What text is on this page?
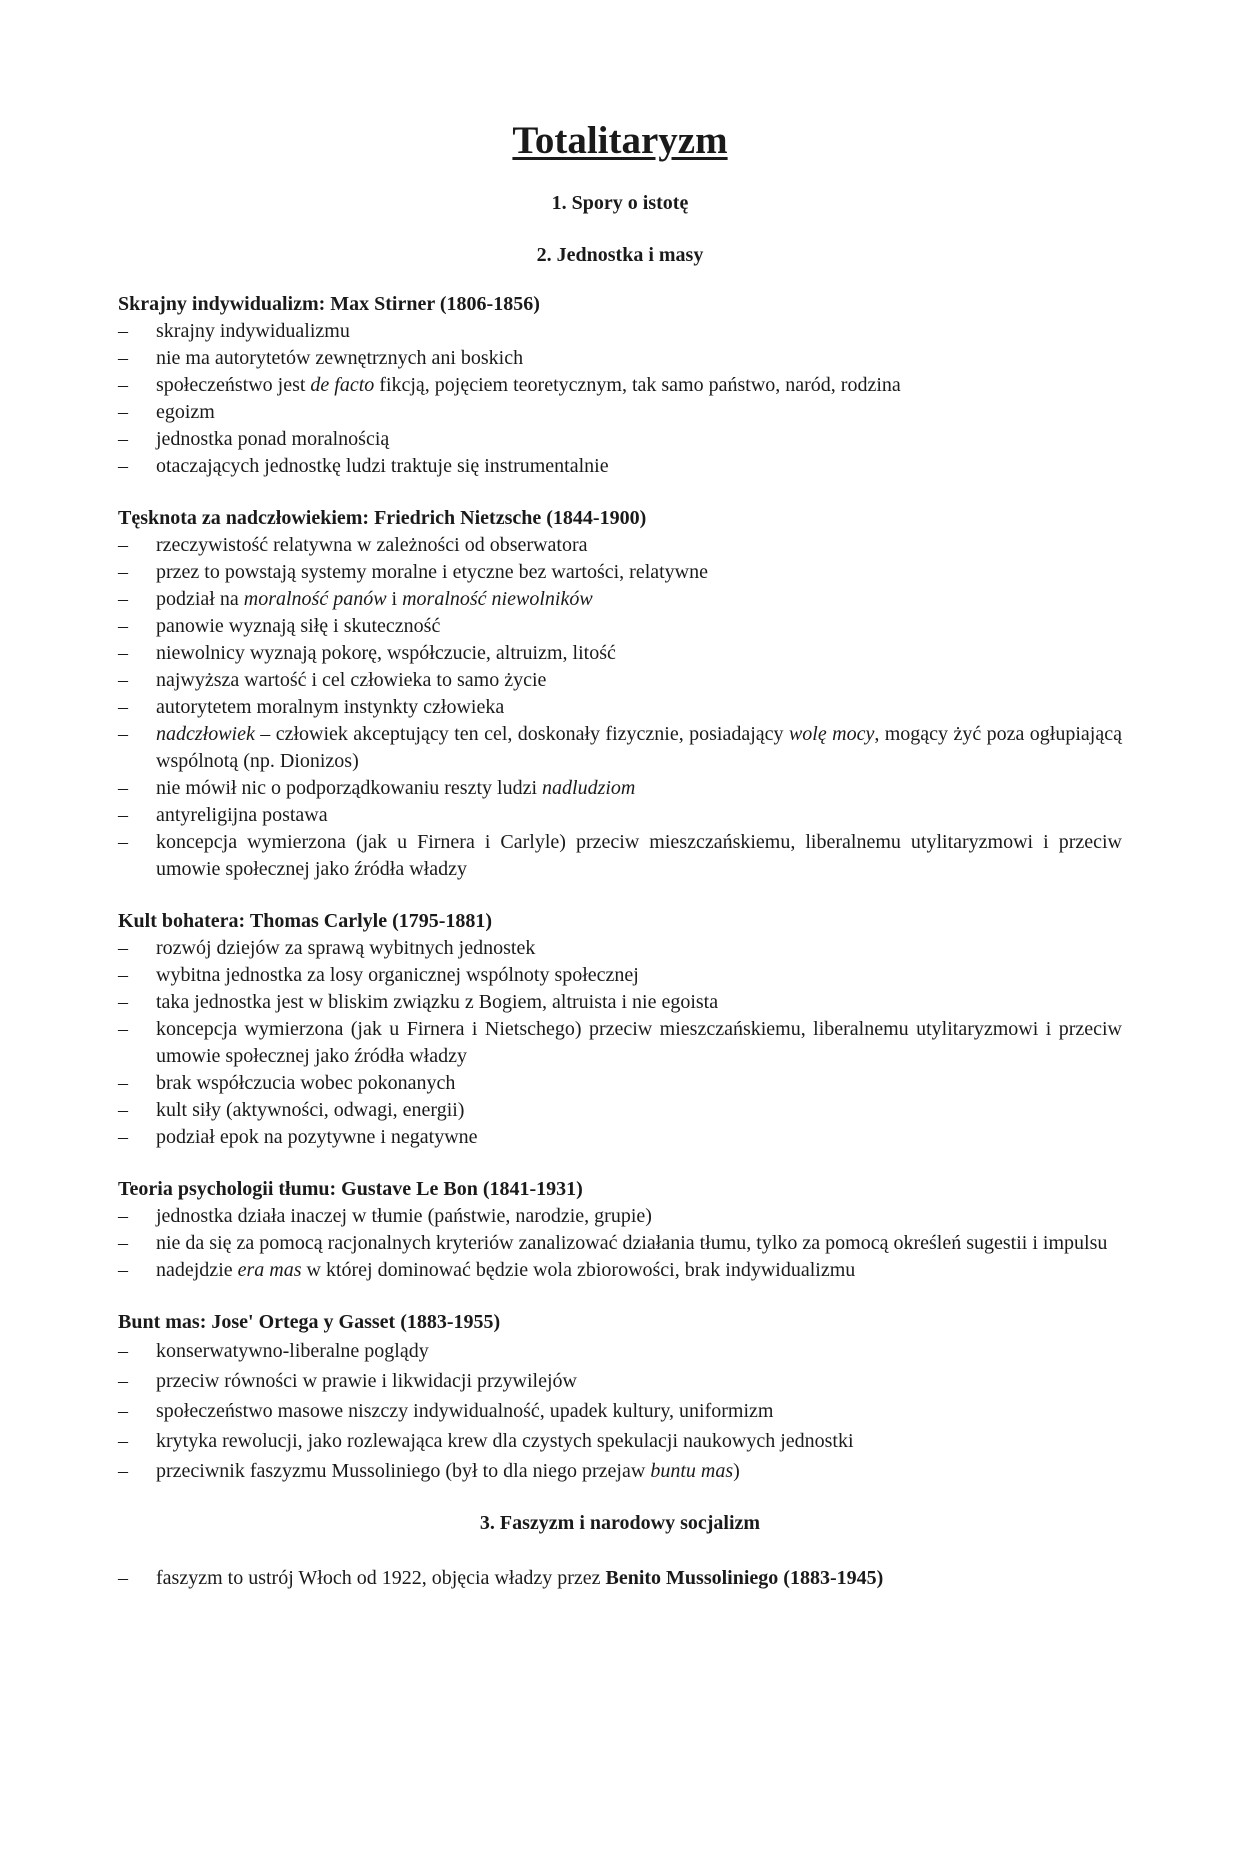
Totalitaryzm
1. Spory o istotę
2. Jednostka i masy
Skrajny indywidualizm: Max Stirner (1806-1856)
– skrajny indywidualizmu
– nie ma autorytetów zewnętrznych ani boskich
– społeczeństwo jest de facto fikcją, pojęciem teoretycznym, tak samo państwo, naród, rodzina
– egoizm
– jednostka ponad moralnością
– otaczających jednostkę ludzi traktuje się instrumentalnie
Tęsknota za nadczłowiekiem: Friedrich Nietzsche (1844-1900)
– rzeczywistość relatywna w zależności od obserwatora
– przez to powstają systemy moralne i etyczne bez wartości, relatywne
– podział na moralność panów i moralność niewolników
– panowie wyznają siłę i skuteczność
– niewolnicy wyznają pokorę, współczucie, altruizm, litość
– najwyższa wartość i cel człowieka to samo życie
– autorytetem moralnym instynkty człowieka
– nadczłowiek – człowiek akceptujący ten cel, doskonały fizycznie, posiadający wolę mocy, mogący żyć poza ogłupiającą wspólnotą (np. Dionizos)
– nie mówił nic o podporządkowaniu reszty ludzi nadludziom
– antyreligijna postawa
– koncepcja wymierzona (jak u Firnera i Carlyle) przeciw mieszczańskiemu, liberalnemu utylitaryzmowi i przeciw umowie społecznej jako źródła władzy
Kult bohatera: Thomas Carlyle (1795-1881)
– rozwój dziejów za sprawą wybitnych jednostek
– wybitna jednostka za losy organicznej wspólnoty społecznej
– taka jednostka jest w bliskim związku z Bogiem, altruista i nie egoista
– koncepcja wymierzona (jak u Firnera i Nietschego) przeciw mieszczańskiemu, liberalnemu utylitaryzmowi i przeciw umowie społecznej jako źródła władzy
– brak współczucia wobec pokonanych
– kult siły (aktywności, odwagi, energii)
– podział epok na pozytywne i negatywne
Teoria psychologii tłumu: Gustave Le Bon (1841-1931)
– jednostka działa inaczej w tłumie (państwie, narodzie, grupie)
– nie da się za pomocą racjonalnych kryteriów zanalizować działania tłumu, tylko za pomocą określeń sugestii i impulsu
– nadejdzie era mas w której dominować będzie wola zbiorowości, brak indywidualizmu
Bunt mas: Jose' Ortega y Gasset (1883-1955)
– konserwatywno-liberalne poglądy
– przeciw równości w prawie i likwidacji przywilejów
– społeczeństwo masowe niszczy indywidualność, upadek kultury, uniformizm
– krytyka rewolucji, jako rozlewająca krew dla czystych spekulacji naukowych jednostki
– przeciwnik faszyzmu Mussoliniego (był to dla niego przejaw buntu mas)
3. Faszyzm i narodowy socjalizm
– faszyzm to ustrój Włoch od 1922, objęcia władzy przez Benito Mussoliniego (1883-1945)
